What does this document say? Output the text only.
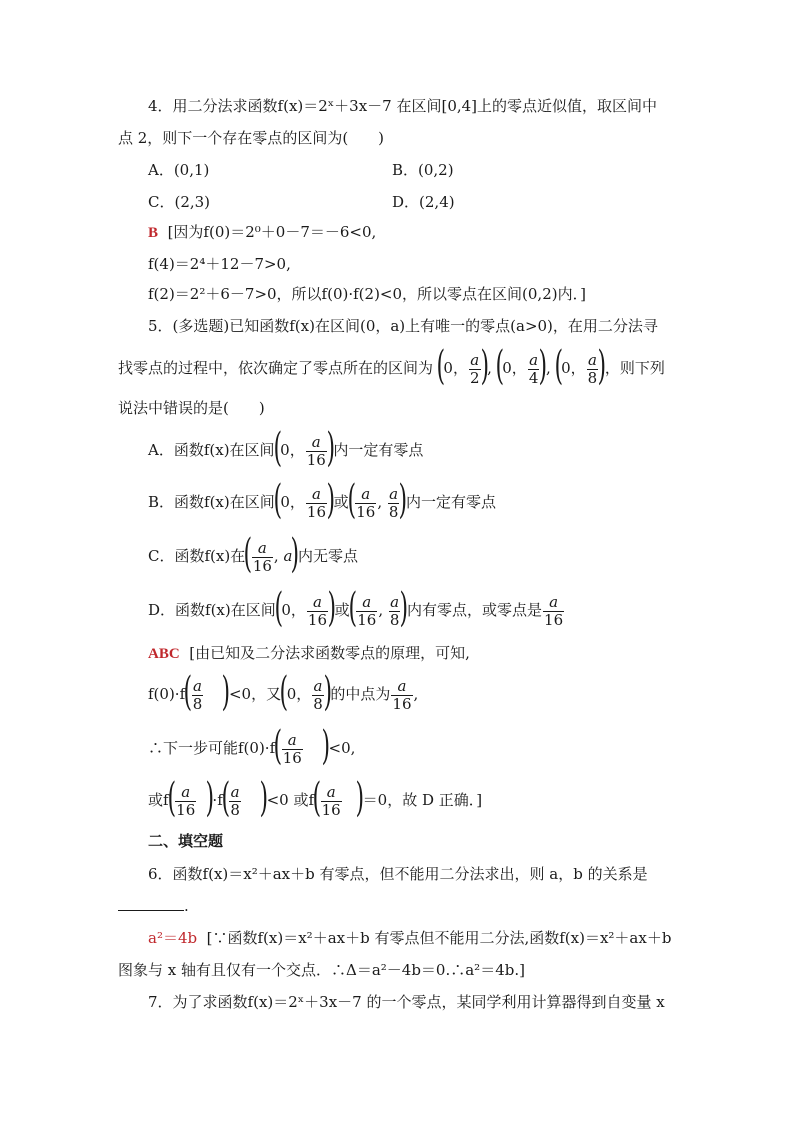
4．用二分法求函数f(x)＝2ˣ＋3x－7 在区间[0,4]上的零点近似值，取区间中
点 2，则下一个存在零点的区间为(　　)
A．(0,1)	B．(0,2)
C．(2,3)	D．(2,4)
B [因为f(0)＝2⁰＋0－7＝－6<0,
f(4)＝2⁴＋12－7>0,
f(2)＝2²＋6－7>0，所以f(0)·f(2)<0，所以零点在区间(0,2)内．]
5．(多选题)已知函数f(x)在区间(0，a)上有唯一的零点(a>0)，在用二分法寻
找零点的过程中，依次确定了零点所在的区间为 (0， $\frac{a}{2}$ ), (0， $\frac{a}{4}$ ), (0， $\frac{a}{8}$ )，则下列
说法中错误的是(　　)
A．函数f(x)在区间(0， $\frac{a}{16}$ )内一定有零点
B．函数f(x)在区间(0， $\frac{a}{16}$ )或( $\frac{a}{16}$ , $\frac{a}{8}$ )内一定有零点
C．函数f(x)在( $\frac{a}{16}$ , a)内无零点
D．函数f(x)在区间(0， $\frac{a}{16}$ )或( $\frac{a}{16}$ , $\frac{a}{8}$ )内有零点，或零点是 $\frac{a}{16}$
ABC [由已知及二分法求函数零点的原理，可知,
$f(0)\cdot f( \frac{a}{8} )<0$，又(0， $\frac{a}{8}$ )的中点为 $\frac{a}{16}$ ,
∴下一步可能$f(0)\cdot f( \frac{a}{16} )<0$,
或$f( \frac{a}{16} )\cdot f( \frac{a}{8} )<0$ 或$f( \frac{a}{16} )=0$，故 D 正确．]
二、填空题
6．函数f(x)＝x²＋ax＋b 有零点，但不能用二分法求出，则 a，b 的关系是
.
a²＝4b [∵函数f(x)＝x²＋ax＋b 有零点但不能用二分法,函数f(x)＝x²＋ax＋b
图象与 x 轴有且仅有一个交点．∴Δ＝a²－4b＝0.∴a²＝4b.]
7．为了求函数f(x)＝2ˣ＋3x－7 的一个零点，某同学利用计算器得到自变量 x
